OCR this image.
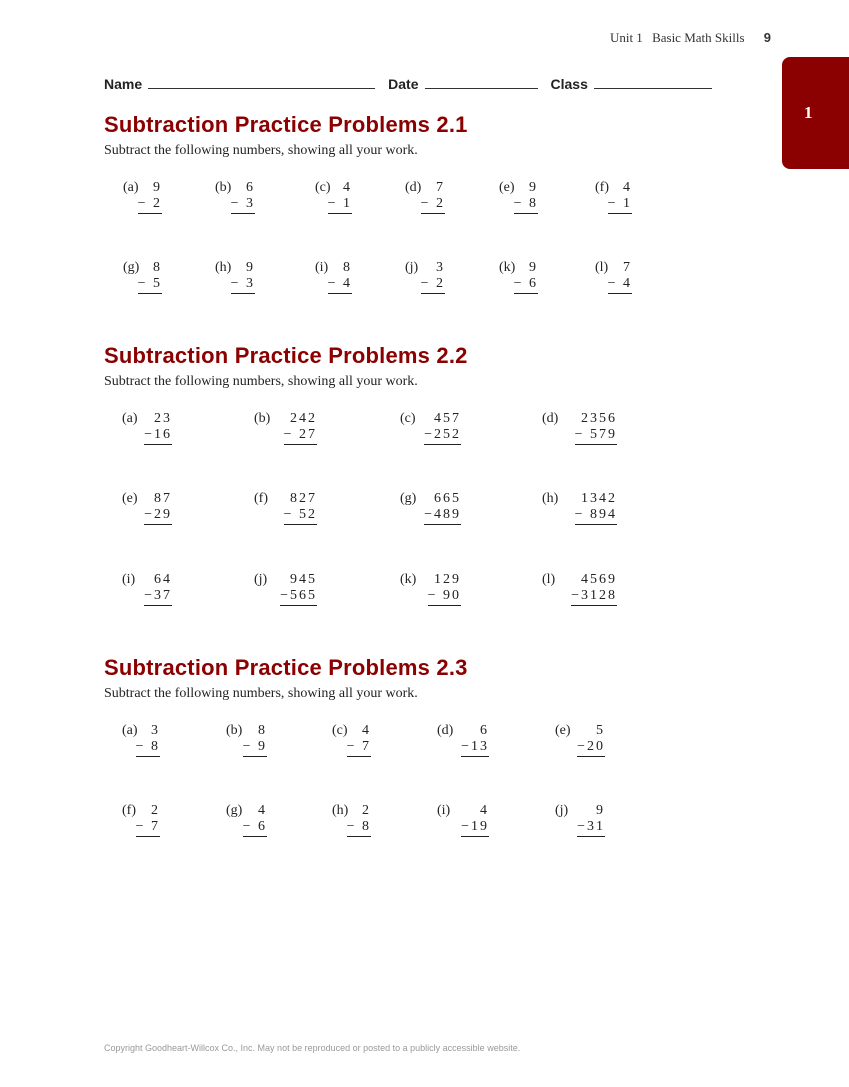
Unit 1 Basic Math Skills 9
1
Name	Date	Class
Subtraction Practice Problems 2.1
Subtract the following numbers, showing all your work.
(a)	9
− 2
(b)	6
− 3
(c) 4
− 1
(d)	7
− 2
(e)	9
− 8
(f)	4
− 1
(g) 8
− 5
(h)	9
− 3
(i)	8
− 4
(j)	3
− 2
(k) 9
− 6
(l)	7
− 4
Subtraction Practice Problems 2.2
Subtract the following numbers, showing all your work.
(a)	23
−16
(b)	242
− 27
(c)	457
−252
(d)	2356
− 579
(e)	87
−29
(f)	827
− 52
(g)	665
−489
(h)	1342
− 894
(i)	64
−37
(j)	945
−565
(k)	129
− 90
(l)	4569
−3128
Subtraction Practice Problems 2.3
Subtract the following numbers, showing all your work.
(a) 3
− 8
(b)	8
− 9
(c)	4
− 7
(d)	6
−13
(e)	5
−20
(f)	2
− 7
(g)	4
− 6
(h) 2
− 8
(i)	4
−19
(j)	9
−31
Copyright Goodheart-Willcox Co., Inc. May not be reproduced or posted to a publicly accessible website.
